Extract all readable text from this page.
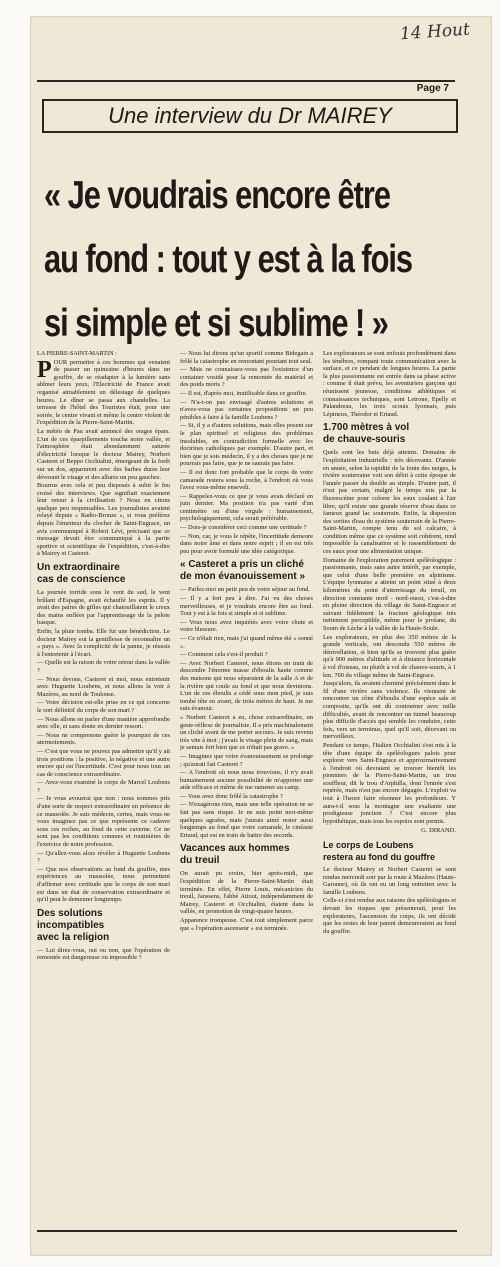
14 Hout
Page 7
Une interview du Dr MAIREY
« Je voudrais encore être
au fond : tout y est à la fois
si simple et si sublime ! »

LA PIERRE-SAINT-MARTIN :

POUR permettre à ces hommes qui venaient de passer un quinzaine d'heures dans un gouffre, de se réadapter à la lumière sans abîmer leurs yeux, l'Electricité de France avait organisé aimablement un délestage de quelques heures. Le dîner se passa aux chandelles. La terrasse de l'hôtel des Touristes était, pour une soirée, le centre vivant et même le centre violent de l'expédition de la Pierre-Saint-Martin.

La météo de Pau avait annoncé des orages épars. L'un de ces éparpillements toucha notre vallée, et l'atmosphère était abondamment saturée d'électricité lorsque le docteur Mairey, Norbert Casteret et Beppo Occhialini, émergeant de la forêt sur un dos, apparurent avec des barbes dures leur dévorant le visage et des allures un peu gauches.

Bourrus avec cela et peu disposés à subir le feu croisé des interviews. Que signifiait exactement leur retour à la civilisation ? Nous en citons quelque peu responsables. Les journalistes avaient relayé depuis « Radio-Bronze », si vous préférez depuis l'émetteur du clocher de Saint-Engrace, un avis communiqué à Robert Lévi, précisant que ce message devait être communiqué à la partie sportive et scientifique de l'expédition, c'est-à-dire à Mairey et Casteret.

Un extraordinaire
cas de conscience

La journée torride sous le vent du sud, le vent brûlant d'Espagne, avait échauffé les esprits. Il y avait des paires de gifles qui chatouillaient le creux des mains enflées par l'apprentissage de la pelote basque.

Enfin, la pluie tomba. Elle fut une bénédiction. Le docteur Mairey eut la gentillesse de reconnaître un « pays ». Avec la complicité de la panne, je réussis à l'entretenir à l'écart.

— Quelle est la raison de votre retour dans la vallée ?

— Nous devons, Casteret et moi, nous entretenir avec Huguette Loubens, et nous allons la voir à Mazères, au nord de Toulouse.

— Votre décision est-elle prise en ce qui concerne le sort définitif du corps de son mari ?

— Nous allons en parler d'une manière approfondie avec elle, et sans doute en dernier ressort.

— Nous ne comprenons guère le pourquoi de ces atermoiements.

— C'est que vous ne pouvez pas admettre qu'il y ait trois positions : la positive, la négative et une autre encore qui est l'incertitude. C'est pour nous tous un cas de conscience extraordinaire.

— Avez-vous examiné le corps de Marcel Loubens ?

— Je vous avouerai que non : nous sommes pris d'une sorte de respect extraordinaire en présence de ce mausolée. Je suis médecin, certes, mais vous ne vous imaginez pas ce que représente ce cadavre sous ces roches, au fond de cette caverne. Ce ne sont pas les conditions connues et routinières de l'exercice de notre profession.

— Qu'allez-vous alors révéler à Huguette Loubens ?

— Que nos observations au fond du gouffre, mes expériences au mausolée, nous permettent d'affirmer avec certitude que le corps de son mari est dans un état de conservation extraordinaire et qu'il peut le demeurer longtemps.

Des solutions incompatibles
avec la religion

— Lui direz-vous, oui ou non, que l'opération de remontée est dangereuse ou impossible ?

— Nous lui dirons qu'un sportif comme Bidegain a frôlé la catastrophe en remontant pourtant tout seul.

— Mais ne connaissez-vous pas l'existence d'un container vosidé pour la remontée du matériel et des poids morts ?

— Il est, d'après moi, inutilisable dans ce gouffre.

— N'a-t-on pas envisagé d'autres solutions et n'avez-vous pas certaines propositions un peu pénibles à faire à la famille Loubens ?

— Si, il y a d'autres solutions, mais elles posent sur le plan spirituel et religieux des problèmes insolubles, en contradiction formelle avec les doctrines catholiques par exemple. D'autre part, et bien que je sois médecin, il y a des choses que je ne pourrais pas faire, que je ne saurais pas faire.

— Il est donc fort probable que le corps de votre camarade restera sous la roche, à l'endroit où vous l'avez vous-même enseveli.

— Rappelez-vous ce que je vous avais déclaré en juin dernier. Ma position n'a pas varié d'un centimètre ou d'une virgule : humainement, psychologiquement, cela serait préférable.

— Dois-je considérer ceci comme une certitude ?

— Non, car, je vous le répète, l'incertitude demeure dans notre âme et dans notre esprit ; il en est très peu pour avoir formulé une idée catégorique.

« Casteret a pris un cliché de mon évanouissement »

— Parlez-moi un petit peu de votre séjour au fond.

— Il y a fort peu à dire. J'ai vu des choses merveilleuses, et je voudrais encore être au fond. Tout y est à la fois si simple et si sublime.

— Vous nous avez inquiétés avec votre chute et votre blessure.

— Ce n'était rien, mais j'ai quand même été « sonné ».

— Comment cela s'est-il produit ?

— Avec Norbert Casteret, nous étions en train de descendre l'énorme masse d'éboulis haute comme des maisons qui nous séparaient de la salle A et de la rivière qui coule au fond et que nous devinions. L'un de ces éboulis a cédé sous mon pied, je suis tombé tête en avant, de trois mètres de haut. Je me suis évanoui.

« Norbert Casteret a eu, chose extraordinaire, un geste-réflexe de journaliste. Il a pris machinalement un cliché avant de me porter secours. Je suis revenu très vite à moi ; j'avais le visage plein de sang, mais je sentais fort bien que ce n'était pas grave. »

— Imaginez que votre évanouissement se prolonge ; qu'aurait fait Casteret ?

— A l'endroit où nous nous trouvions, il n'y avait humainement aucune possibilité de m'apporter une aide efficace et même de me ramener au camp.

— Vous avez donc frôlé la catastrophe ?

— N'exagérons rien, mais une telle opération ne se fait pas sans risque. Je ne suis point moi-même quelques agrafes, mais j'aurais aimé rester aussi longtemps au fond que votre camarade, le cinéaste Ertaud, qui est en train de battre des records.

Vacances aux hommes
du treuil

On aurait pu croire, hier après-midi, que l'expédition de la Pierre-Saint-Martin était terminée. En effet, Pierre Louis, mécanicien du treuil, Janssens, l'abbé Attout, indépendamment de Mairey, Casteret et Occhialini, étaient dans la vallée, en promotion de vingt-quatre heures.

Apparence trompeuse. C'est tout simplement parce que « l'opération ascenseur » est terminée.

Les explorateurs se sont enfouis profondément dans les ténèbres, rompant toute communication avec la surface, et ce pendant de longues heures. La partie la plus passionnante est entrée dans sa phase active : comme il était prévu, les aventuriers garçons qui réunissent jeunesse, conditions athlétiques et connaissances techniques, sont Letrone, Epelly et Palandreau, les trois scouts lyonnais, puis Lépineux, Théodor et Ertaud.

1.700 mètres à vol
de chauve-souris

Quels sont les buts déjà atteints. Domaine de l'exploitation industrielle : très décevants. D'année en année, selon la rapidité de la fonte des neiges, la rivière souterraine voit son débit à cette époque de l'année passer du double au simple. D'autre part, il n'est pas certain, malgré le temps mis par la fluorescéine pour colorer les eaux coulant à l'air libre, qu'il existe une grande réserve d'eau dans ce fameux grand lac souterrain. Enfin, la dispersion des sorties d'eau du système souterrain de la Pierre-Saint-Martin, compte tenu du sol calcaire, à condition même que ce système soit cohérent, rend impossible la canalisation et le rassemblement de ces eaux pour une alimentation unique.

Domaine de l'exploration purement spéléologique : passionnante, mais sans autre intérêt, par exemple, que celui d'une belle première en alpinisme. L'équipe lyonnaise a atteint un point situé à deux kilomètres du point d'atterrissage du treuil, en direction constante nord - nord-ouest, c'est-à-dire en pleine direction du village de Saint-Engrace et suivant fidèlement la fracture géologique très nettement perceptible, même pour le profane, du Soum de Lèche à la vallée de la Haute-Soule.

Les explorateurs, en plus des 350 mètres de la grande verticale, ont descendu 550 mètres de dénivellation, si bien qu'ils se trouvent plus guère qu'à 900 mètres d'altitude et à distance horizontale à vol d'oiseau, ou plutôt à vol de chauve-souris, à 1 km. 700 du village même de Saint-Engrace.

Jusqu'alors, ils avaient cheminé précisément dans le fil d'une rivière sans violence. Ils viennent de rencontrer un cône d'éboulis d'une espèce sale et composite, qu'ils ont dû contourner avec mille difficultés, avant de rencontrer un tunnel beaucoup plus difficile d'accès qui semble les conduire, cette fois, vers un terminus, quel qu'il soit, décevant ou merveilleux.

Pendant ce temps, l'Italien Occhialini s'est mis à la tête d'une équipe de spéléologues palois pour explorer vers Saint-Engrace et approximativement à l'endroit où devraient se trouver bientôt les pionniers de la Pierre-Saint-Martin, un trou souffleur, dit le trou d'Arphilla, dont l'entrée s'est repérée, mais n'est pas encore dégagée. L'exploit va tout à l'heure faire résonner les profondeurs. Y aura-t-il sous la montagne une exaltante une prodigieuse jonction ? C'est encore plus hypothétique, mais tous les espoirs sont permis.

G. DIRAND.
Le corps de Loubens
restera au fond du gouffre

Le docteur Mairey et Norbert Casteret se sont rendus mercredi soir par la route à Mazères (Haute-Garonne), où ils ont eu un long entretien avec la famille Loubens.

Celle-ci s'est rendue aux raisons des spéléologues et devant les risques que présenterait, pour les explorateurs, l'ascension du corps, ils ont décidé que les restes de leur parent demeureraient au fond du gouffre.
